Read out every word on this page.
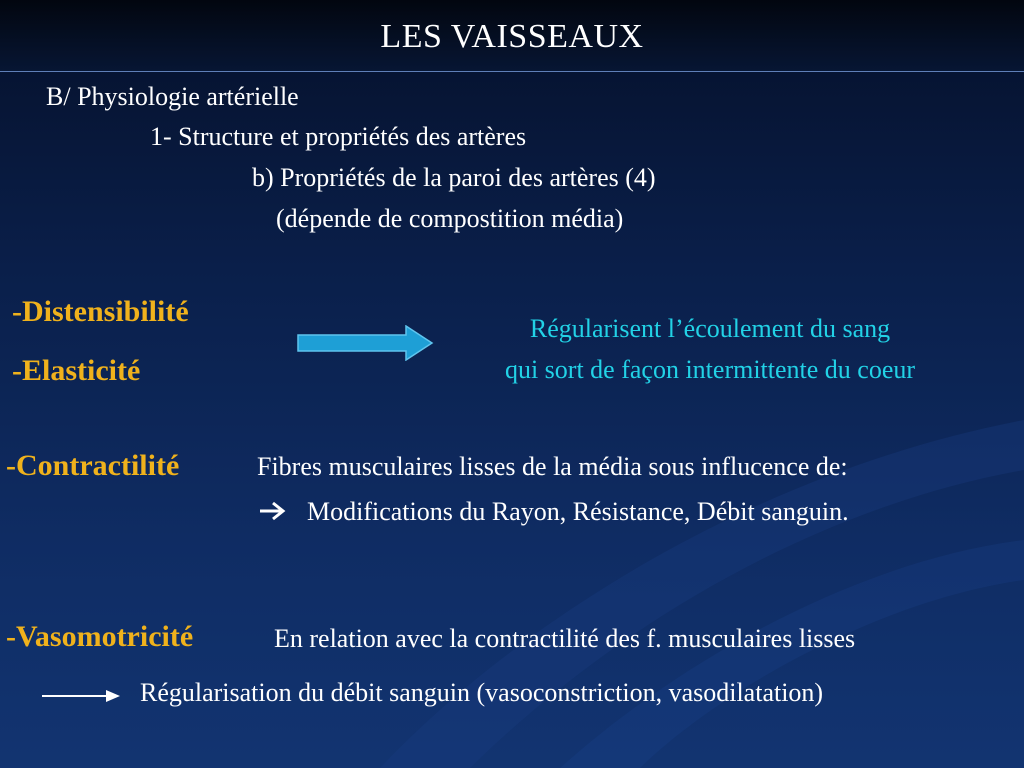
LES VAISSEAUX
B/ Physiologie artérielle
1- Structure et propriétés des artères
b) Propriétés de la paroi des artères (4)
(dépende de compostition média)
-Distensibilité
-Elasticité
Régularisent l’écoulement du sang
qui sort de façon intermittente du coeur
-Contractilité	Fibres musculaires lisses de la média sous influcence de:
Modifications du Rayon, Résistance, Débit sanguin.
-Vasomotricité	En relation avec la contractilité des f. musculaires lisses
Régularisation du débit sanguin (vasoconstriction, vasodilatation)
